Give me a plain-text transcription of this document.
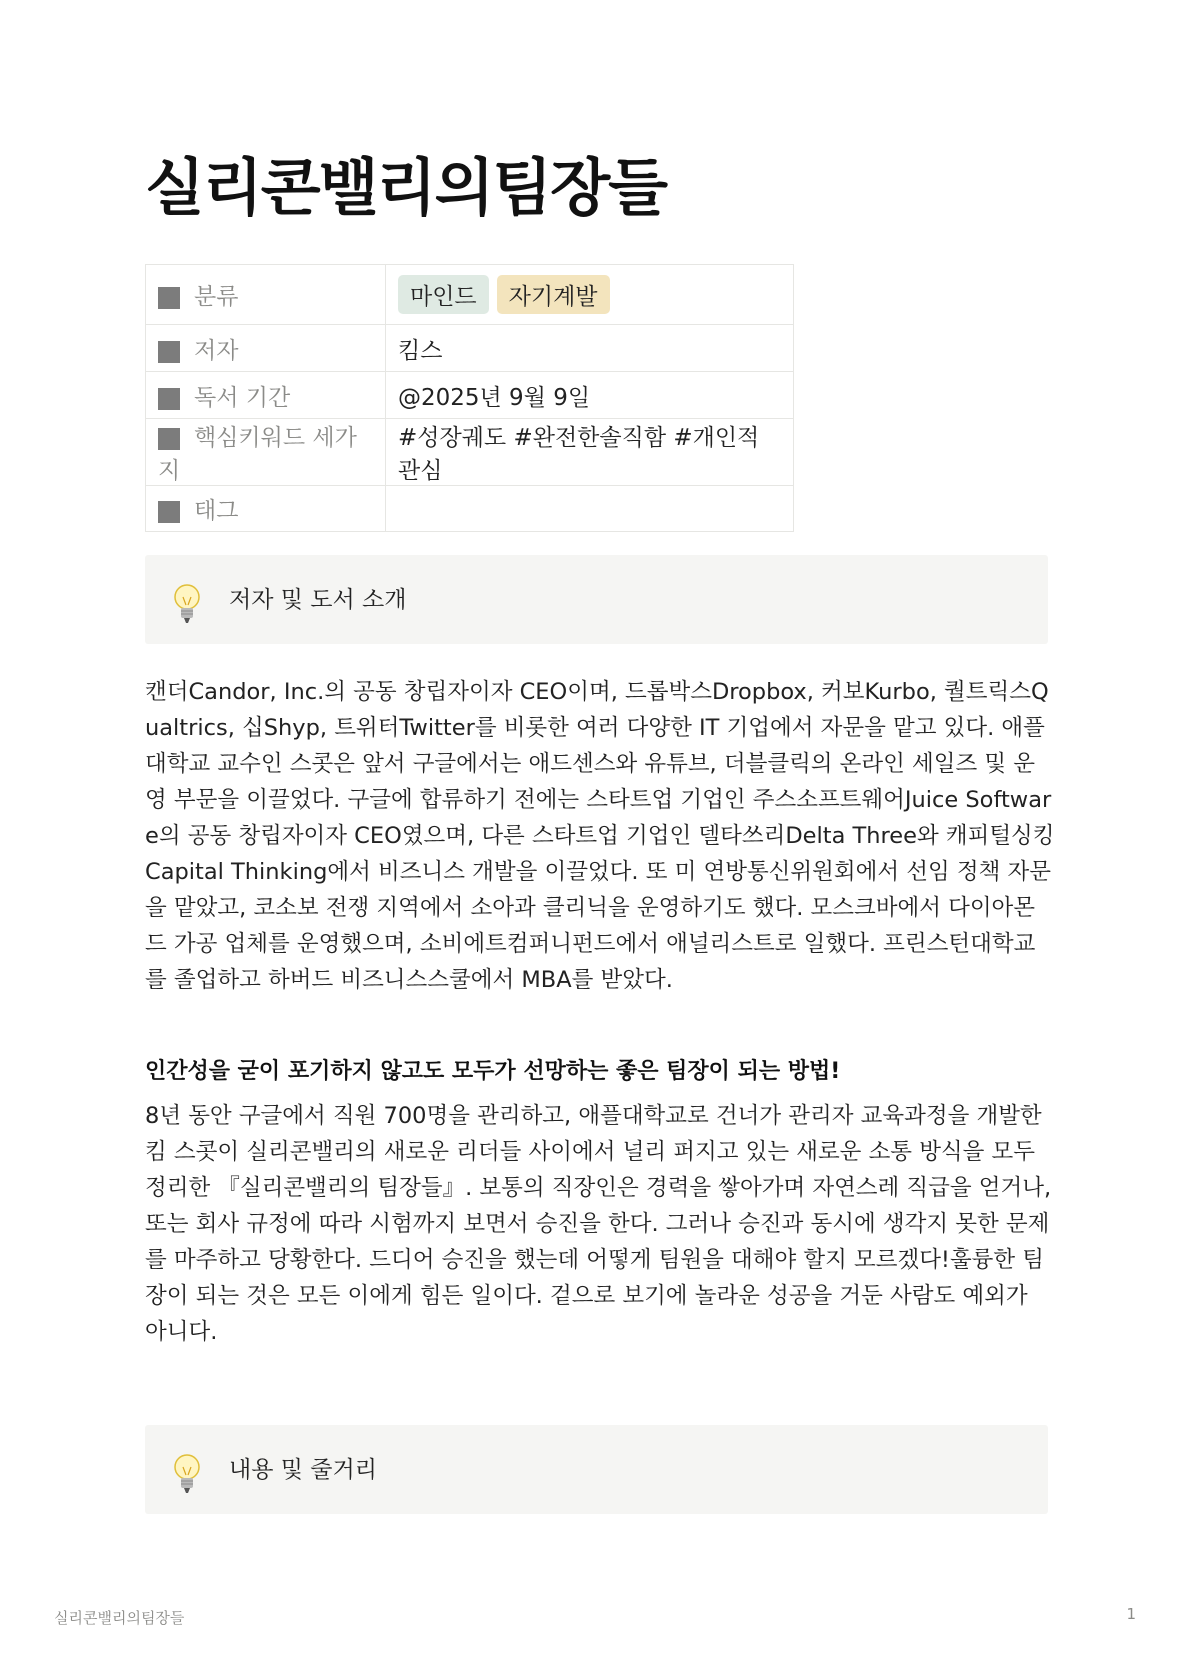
실리콘밸리의팀장들
분류	마인드 자기계발
저자	킴스
독서 기간	@2025년 9월 9일
핵심키워드 세가지	#성장궤도 #완전한솔직함 #개인적관심
태그	
저자 및 도서 소개

캔더Candor, Inc.의 공동 창립자이자 CEO이며, 드롭박스Dropbox, 커보Kurbo, 퀄트릭스Qualtrics, 십Shyp, 트위터Twitter를 비롯한 여러 다양한 IT 기업에서 자문을 맡고 있다. 애플대학교 교수인 스콧은 앞서 구글에서는 애드센스와 유튜브, 더블클릭의 온라인 세일즈 및 운영 부문을 이끌었다. 구글에 합류하기 전에는 스타트업 기업인 주스소프트웨어Juice Software의 공동 창립자이자 CEO였으며, 다른 스타트업 기업인 델타쓰리Delta Three와 캐피털싱킹Capital Thinking에서 비즈니스 개발을 이끌었다. 또 미 연방통신위원회에서 선임 정책 자문을 맡았고, 코소보 전쟁 지역에서 소아과 클리닉을 운영하기도 했다. 모스크바에서 다이아몬드 가공 업체를 운영했으며, 소비에트컴퍼니펀드에서 애널리스트로 일했다. 프린스턴대학교를 졸업하고 하버드 비즈니스스쿨에서 MBA를 받았다.

인간성을 굳이 포기하지 않고도 모두가 선망하는 좋은 팀장이 되는 방법!

8년 동안 구글에서 직원 700명을 관리하고, 애플대학교로 건너가 관리자 교육과정을 개발한 킴 스콧이 실리콘밸리의 새로운 리더들 사이에서 널리 퍼지고 있는 새로운 소통 방식을 모두 정리한 『실리콘밸리의 팀장들』. 보통의 직장인은 경력을 쌓아가며 자연스레 직급을 얻거나, 또는 회사 규정에 따라 시험까지 보면서 승진을 한다. 그러나 승진과 동시에 생각지 못한 문제를 마주하고 당황한다. 드디어 승진을 했는데 어떻게 팀원을 대해야 할지 모르겠다!훌륭한 팀장이 되는 것은 모든 이에게 힘든 일이다. 겉으로 보기에 놀라운 성공을 거둔 사람도 예외가 아니다.

내용 및 줄거리
실리콘밸리의팀장들	1
